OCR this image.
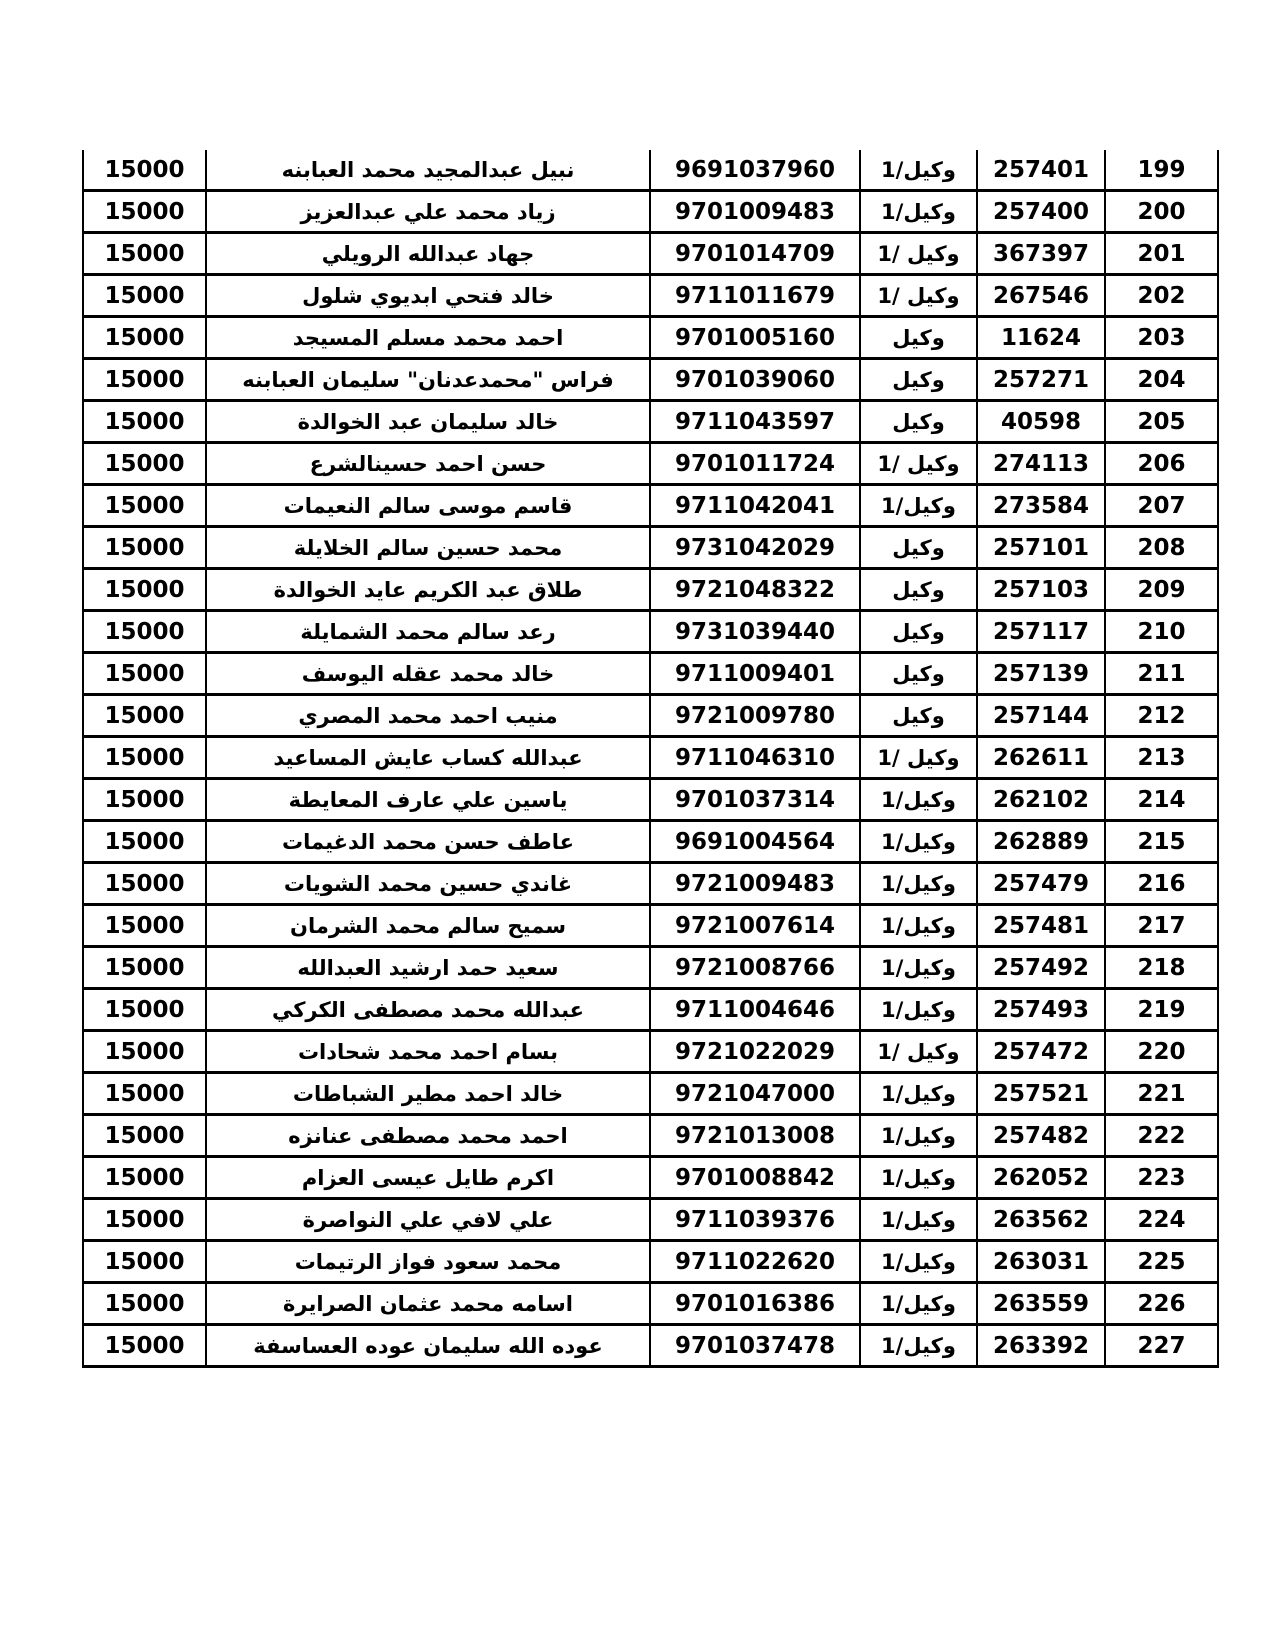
199	257401	وكيل/1	9691037960	نبيل عبدالمجيد محمد العبابنه	15000
200	257400	وكيل/1	9701009483	زياد محمد علي عبدالعزيز	15000
201	367397	وكيل /1	9701014709	جهاد عبدالله الرويلي	15000
202	267546	وكيل /1	9711011679	خالد فتحي ابديوي شلول	15000
203	11624	وكيل	9701005160	احمد محمد مسلم المسيجد	15000
204	257271	وكيل	9701039060	فراس "محمدعدنان" سليمان العبابنه	15000
205	40598	وكيل	9711043597	خالد سليمان عبد الخوالدة	15000
206	274113	وكيل /1	9701011724	حسن احمد حسينالشرع	15000
207	273584	وكيل/1	9711042041	قاسم موسى سالم النعيمات	15000
208	257101	وكيل	9731042029	محمد حسين سالم الخلايلة	15000
209	257103	وكيل	9721048322	طلاق عبد الكريم عايد الخوالدة	15000
210	257117	وكيل	9731039440	رعد سالم محمد الشمايلة	15000
211	257139	وكيل	9711009401	خالد محمد عقله اليوسف	15000
212	257144	وكيل	9721009780	منيب احمد محمد المصري	15000
213	262611	وكيل /1	9711046310	عبدالله كساب عايش المساعيد	15000
214	262102	وكيل/1	9701037314	ياسين علي عارف المعايطة	15000
215	262889	وكيل/1	9691004564	عاطف حسن محمد الدغيمات	15000
216	257479	وكيل/1	9721009483	غاندي حسين محمد الشويات	15000
217	257481	وكيل/1	9721007614	سميح سالم محمد الشرمان	15000
218	257492	وكيل/1	9721008766	سعيد حمد ارشيد العبدالله	15000
219	257493	وكيل/1	9711004646	عبدالله محمد مصطفى الكركي	15000
220	257472	وكيل /1	9721022029	بسام احمد محمد شحادات	15000
221	257521	وكيل/1	9721047000	خالد احمد مطير الشباطات	15000
222	257482	وكيل/1	9721013008	احمد محمد مصطفى عنانزه	15000
223	262052	وكيل/1	9701008842	اكرم طايل عيسى العزام	15000
224	263562	وكيل/1	9711039376	علي لافي علي النواصرة	15000
225	263031	وكيل/1	9711022620	محمد سعود فواز الرتيمات	15000
226	263559	وكيل/1	9701016386	اسامه محمد عثمان الصرايرة	15000
227	263392	وكيل/1	9701037478	عوده الله سليمان عوده العساسفة	15000
